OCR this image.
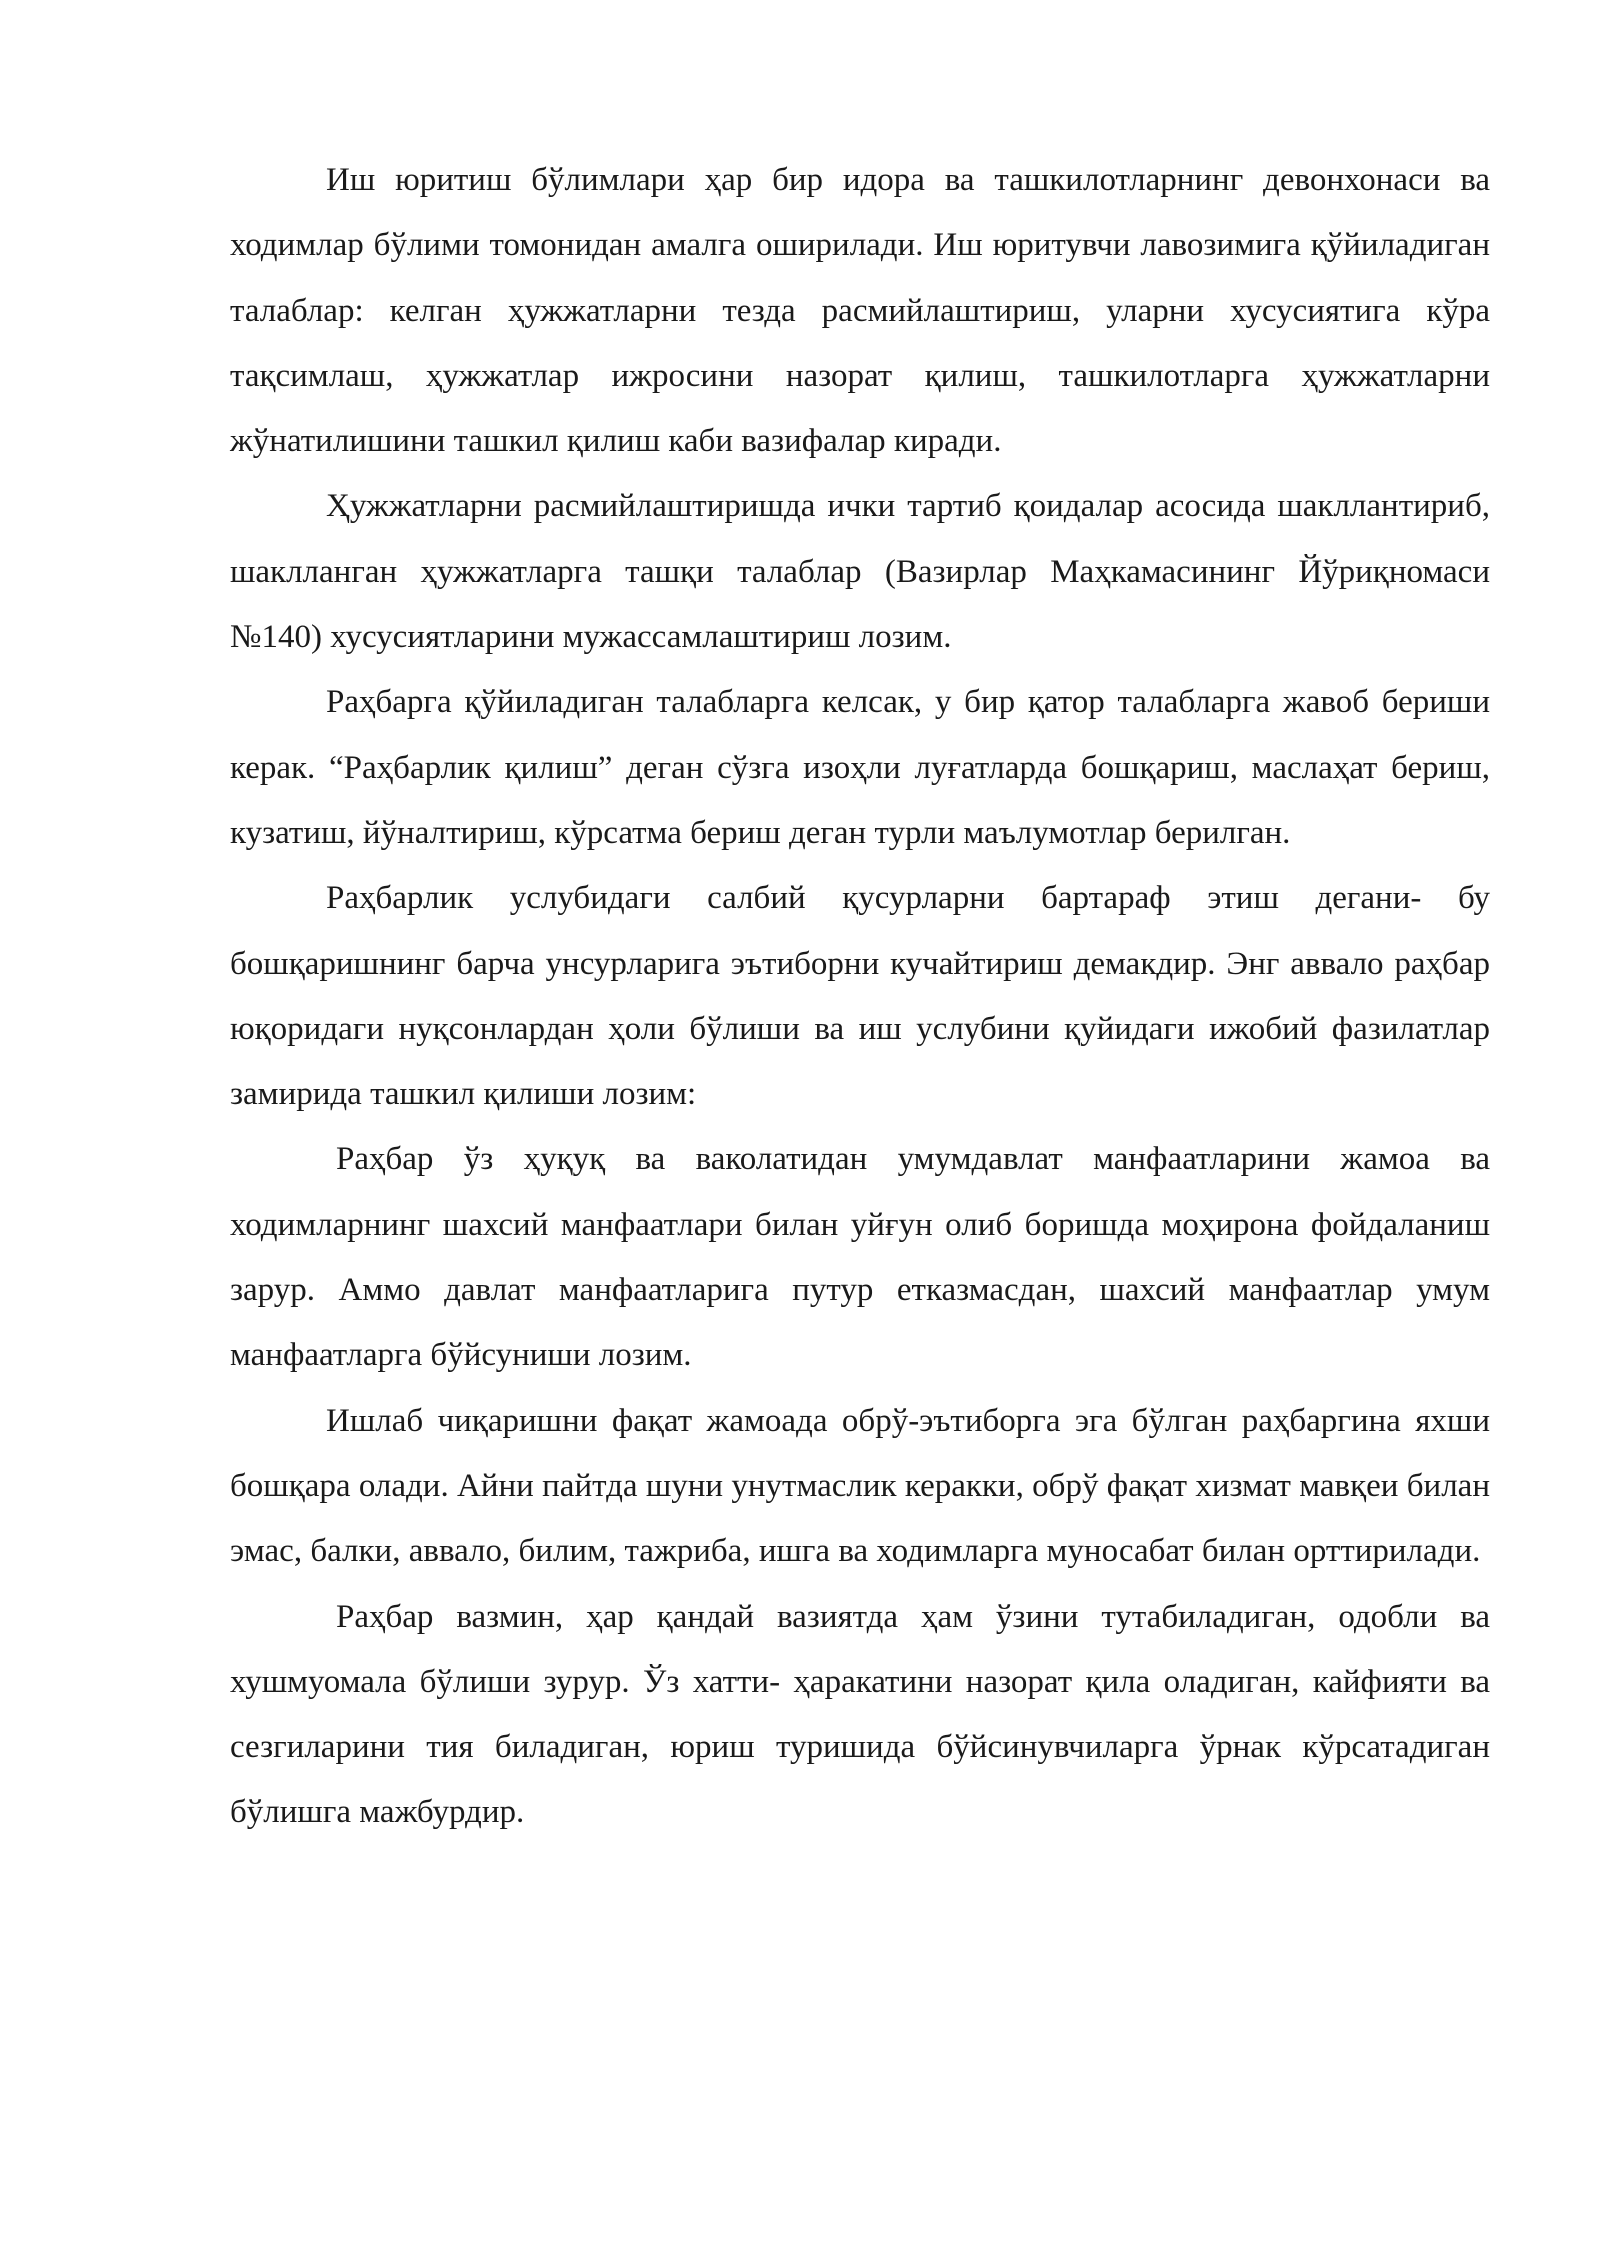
Иш юритиш бўлимлари ҳар бир идора ва ташкилотларнинг девонхонаси ва ходимлар бўлими томонидан амалга оширилади. Иш юритувчи лавозимига қўйиладиган талаблар: келган ҳужжатларни тезда расмийлаштириш, уларни хусусиятига кўра тақсимлаш, ҳужжатлар ижросини назорат қилиш, ташкилотларга ҳужжатларни жўнатилишини ташкил қилиш каби вазифалар киради.

Ҳужжатларни расмийлаштиришда ички тартиб қоидалар асосида шакллантириб, шаклланган ҳужжатларга ташқи талаблар (Вазирлар Маҳкамасининг Йўриқномаси №140) хусусиятларини мужассамлаштириш лозим.

Раҳбарга қўйиладиган талабларга келсак, у бир қатор талабларга жавоб бериши керак. “Раҳбарлик қилиш” деган сўзга изоҳли луғатларда бошқариш, маслаҳат бериш, кузатиш, йўналтириш, кўрсатма бериш деган турли маълумотлар берилган.

Раҳбарлик услубидаги салбий қусурларни бартараф этиш дегани- бу бошқаришнинг барча унсурларига эътиборни кучайтириш демакдир. Энг аввало раҳбар юқоридаги нуқсонлардан ҳоли бўлиши ва иш услубини қуйидаги ижобий фазилатлар замирида ташкил қилиши лозим:

Раҳбар ўз ҳуқуқ ва ваколатидан умумдавлат манфаатларини жамоа ва ходимларнинг шахсий манфаатлари билан уйғун олиб боришда моҳирона фойдаланиш зарур. Аммо давлат манфаатларига путур етказмасдан, шахсий манфаатлар умум манфаатларга бўйсуниши лозим.

Ишлаб чиқаришни фақат жамоада обрў-эътиборга эга бўлган раҳбаргина яхши бошқара олади. Айни пайтда шуни унутмаслик керакки, обрў фақат хизмат мавқеи билан эмас, балки, аввало, билим, тажриба, ишга ва ходимларга муносабат билан орттирилади.

Раҳбар вазмин, ҳар қандай вазиятда ҳам ўзини тутабиладиган, одобли ва хушмуомала бўлиши зурур. Ўз хатти- ҳаракатини назорат қила оладиган, кайфияти ва сезгиларини тия биладиган, юриш туришида бўйсинувчиларга ўрнак кўрсатадиган бўлишга мажбурдир.
